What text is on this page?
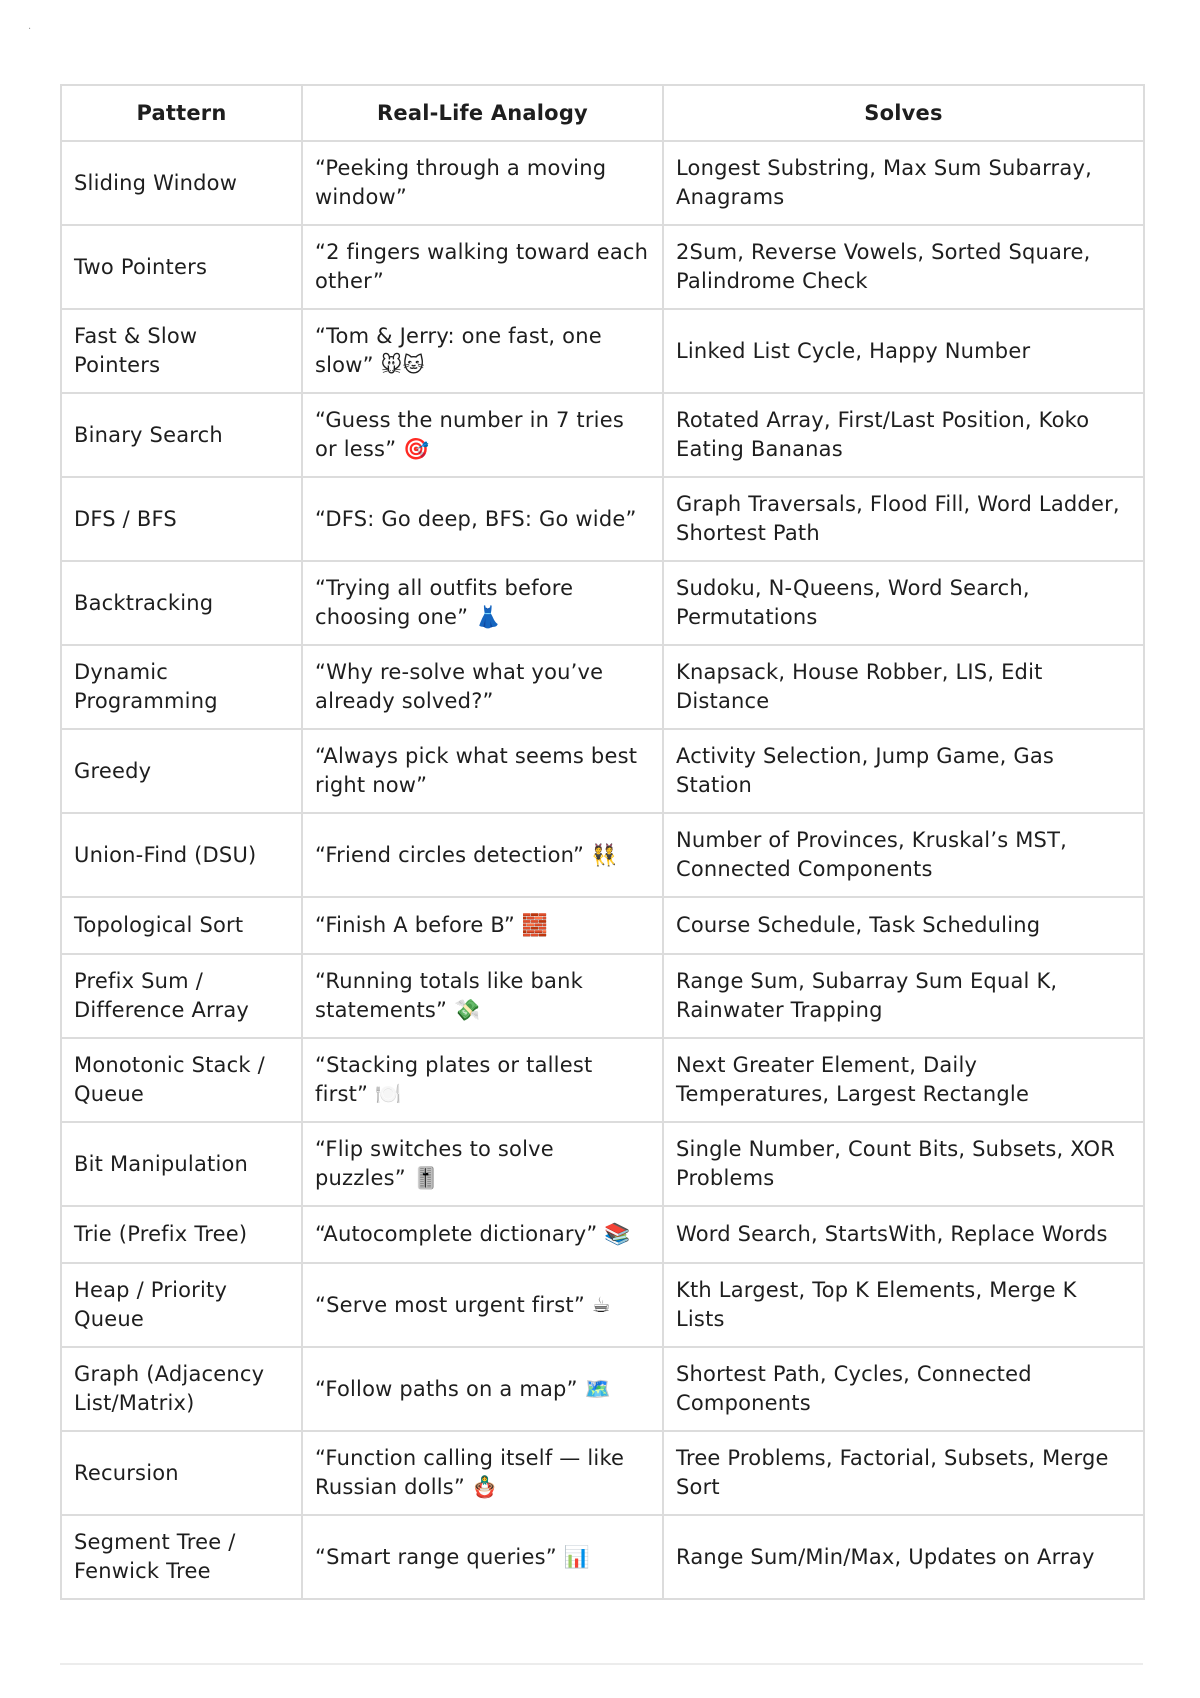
.
Pattern	Real-Life Analogy	Solves
Sliding Window	“Peeking through a moving window”	Longest Substring, Max Sum Subarray, Anagrams
Two Pointers	“2 fingers walking toward each other”	2Sum, Reverse Vowels, Sorted Square, Palindrome Check
Fast & Slow Pointers	“Tom & Jerry: one fast, one slow” 🐭🐱	Linked List Cycle, Happy Number
Binary Search	“Guess the number in 7 tries or less” 🎯	Rotated Array, First/Last Position, Koko Eating Bananas
DFS / BFS	“DFS: Go deep, BFS: Go wide”	Graph Traversals, Flood Fill, Word Ladder, Shortest Path
Backtracking	“Trying all outfits before choosing one” 👗	Sudoku, N-Queens, Word Search, Permutations
Dynamic Programming	“Why re-solve what you’ve already solved?”	Knapsack, House Robber, LIS, Edit Distance
Greedy	“Always pick what seems best right now”	Activity Selection, Jump Game, Gas Station
Union-Find (DSU)	“Friend circles detection” 👯	Number of Provinces, Kruskal’s MST, Connected Components
Topological Sort	“Finish A before B” 🧱	Course Schedule, Task Scheduling
Prefix Sum / Difference Array	“Running totals like bank statements” 💸	Range Sum, Subarray Sum Equal K, Rainwater Trapping
Monotonic Stack / Queue	“Stacking plates or tallest first” 🍽️	Next Greater Element, Daily Temperatures, Largest Rectangle
Bit Manipulation	“Flip switches to solve puzzles” 🎚️	Single Number, Count Bits, Subsets, XOR Problems
Trie (Prefix Tree)	“Autocomplete dictionary” 📚	Word Search, StartsWith, Replace Words
Heap / Priority Queue	“Serve most urgent first” ☕	Kth Largest, Top K Elements, Merge K Lists
Graph (Adjacency List/Matrix)	“Follow paths on a map” 🗺️	Shortest Path, Cycles, Connected Components
Recursion	“Function calling itself — like Russian dolls” 🪆	Tree Problems, Factorial, Subsets, Merge Sort
Segment Tree / Fenwick Tree	“Smart range queries” 📊	Range Sum/Min/Max, Updates on Array
